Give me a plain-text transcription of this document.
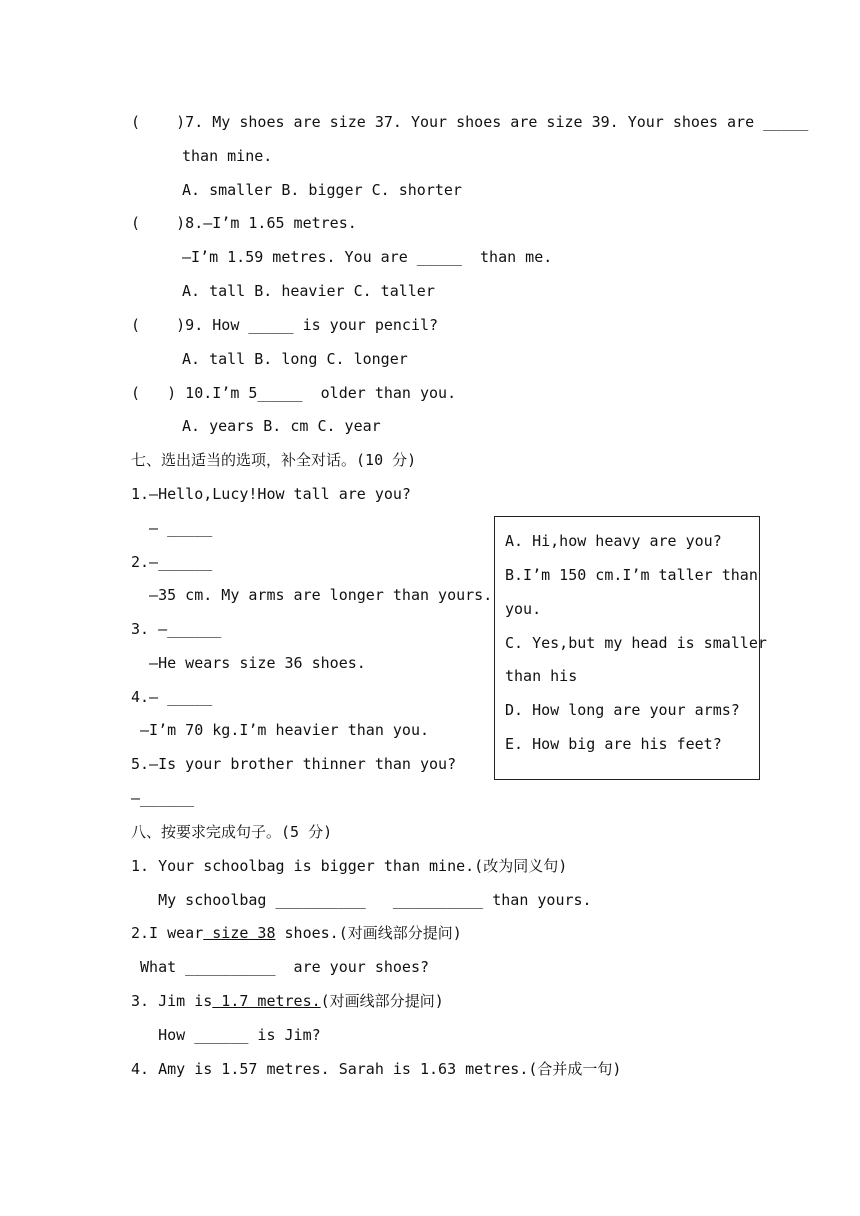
(    )7. My shoes are size 37. Your shoes are size 39. Your shoes are _____
than mine.
A. smaller B. bigger C. shorter
(    )8.—I’m 1.65 metres.
—I’m 1.59 metres. You are _____  than me.
A. tall B. heavier C. taller
(    )9. How _____ is your pencil?
A. tall B. long C. longer
(   ) 10.I’m 5_____  older than you.
A. years B. cm C. year
七、选出适当的选项，补全对话。(10 分)
1.—Hello,Lucy!How tall are you?
— _____
2.—______
—35 cm. My arms are longer than yours.
3. —______
—He wears size 36 shoes.
4.— _____
—I’m 70 kg.I’m heavier than you.
5.—Is your brother thinner than you?
—______
A. Hi,how heavy are you?
B.I’m 150 cm.I’m taller than
you.
C. Yes,but my head is smaller
than his
D. How long are your arms?
E. How big are his feet?
八、按要求完成句子。(5 分)
1. Your schoolbag is bigger than mine.(改为同义句)
My schoolbag __________   __________ than yours.
2.I wear size 38 shoes.(对画线部分提问)
What __________  are your shoes?
3. Jim is 1.7 metres.(对画线部分提问)
How ______ is Jim?
4. Amy is 1.57 metres. Sarah is 1.63 metres.(合并成一句)
